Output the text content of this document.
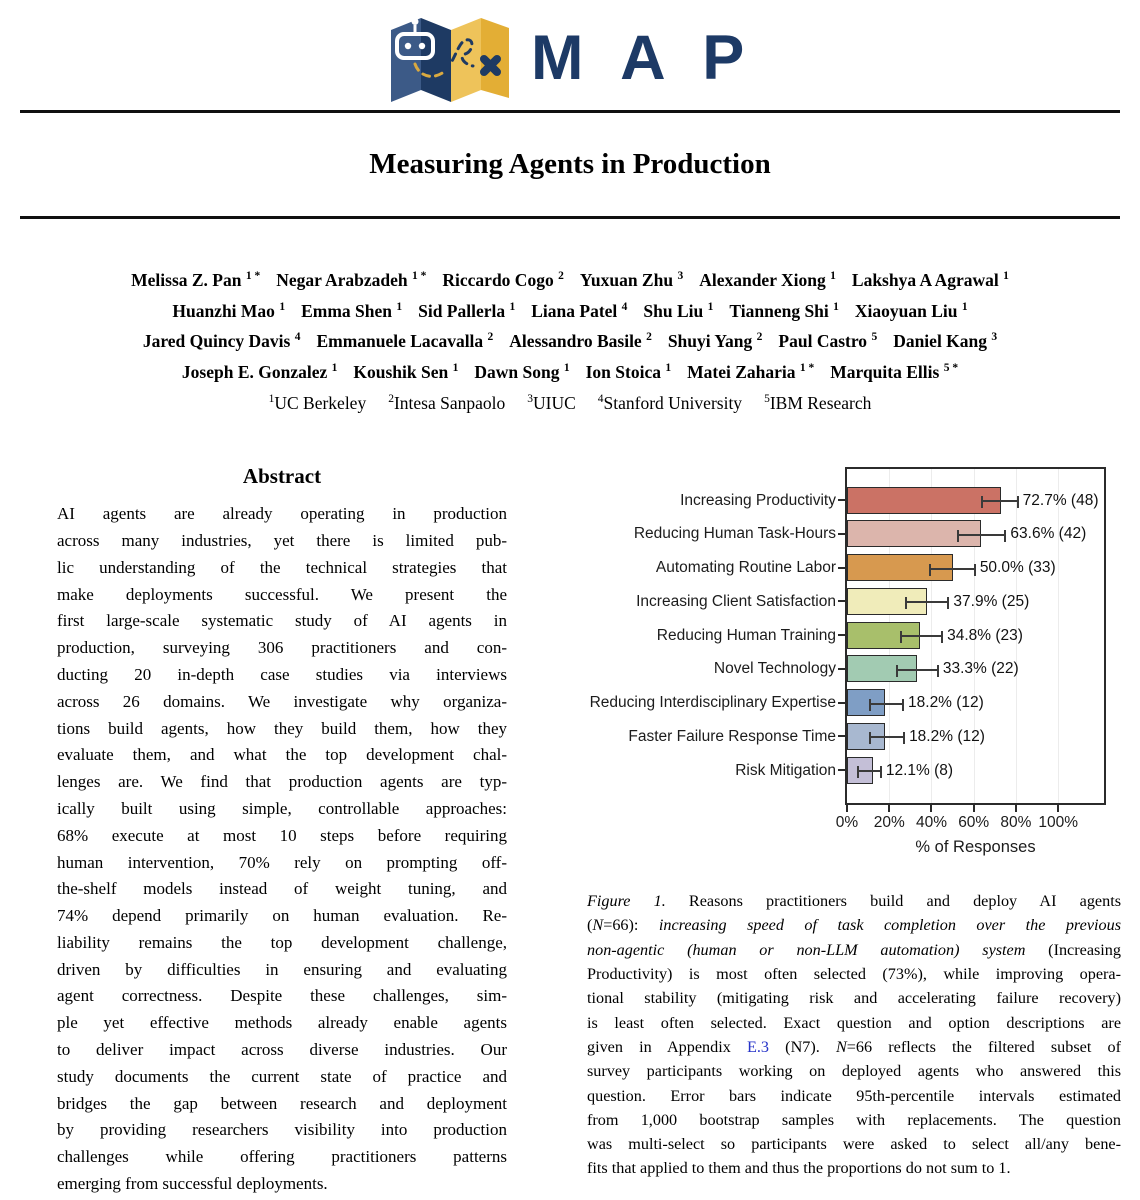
M A P
Measuring Agents in Production
Melissa Z. Pan $^{1 *}$ Negar Arabzadeh $^{1 *}$ Riccardo Cogo $^2$ Yuxuan Zhu $^3$ Alexander Xiong $^1$ Lakshya A Agrawal $^1$
Huanzhi Mao $^1$ Emma Shen $^1$ Sid Pallerla $^1$ Liana Patel $^4$ Shu Liu $^1$ Tianneng Shi $^1$ Xiaoyuan Liu $^1$
Jared Quincy Davis $^4$ Emmanuele Lacavalla $^2$ Alessandro Basile $^2$ Shuyi Yang $^2$ Paul Castro $^5$ Daniel Kang $^3$
Joseph E. Gonzalez $^1$ Koushik Sen $^1$ Dawn Song $^1$ Ion Stoica $^1$ Matei Zaharia $^{1 *}$ Marquita Ellis $^{5 *}$
$^1$UC Berkeley $^2$Intesa Sanpaolo $^3$UIUC $^4$Stanford University $^5$IBM Research
Abstract
AI agents are already operating in production
across many industries, yet there is limited pub-
lic understanding of the technical strategies that
make deployments successful. We present the
first large-scale systematic study of AI agents in
production, surveying 306 practitioners and con-
ducting 20 in-depth case studies via interviews
across 26 domains. We investigate why organiza-
tions build agents, how they build them, how they
evaluate them, and what the top development chal-
lenges are. We find that production agents are typ-
ically built using simple, controllable approaches:
68% execute at most 10 steps before requiring
human intervention, 70% rely on prompting off-
the-shelf models instead of weight tuning, and
74% depend primarily on human evaluation. Re-
liability remains the top development challenge,
driven by difficulties in ensuring and evaluating
agent correctness. Despite these challenges, sim-
ple yet effective methods already enable agents
to deliver impact across diverse industries. Our
study documents the current state of practice and
bridges the gap between research and deployment
by providing researchers visibility into production
challenges while offering practitioners patterns
emerging from successful deployments.
Increasing Productivity
Reducing Human Task-Hours
Automating Routine Labor
Increasing Client Satisfaction
Reducing Human Training
Novel Technology
Reducing Interdisciplinary Expertise
Faster Failure Response Time
Risk Mitigation
72.7% (48)
63.6% (42)
50.0% (33)
37.9% (25)
34.8% (23)
33.3% (22)
18.2% (12)
18.2% (12)
12.1% (8)
% of Responses
0% 20% 40% 60% 80% 100%
Figure 1. Reasons practitioners build and deploy AI agents
(N=66): increasing speed of task completion over the previous
non-agentic (human or non-LLM automation) system (Increasing
Productivity) is most often selected (73%), while improving opera-
tional stability (mitigating risk and accelerating failure recovery)
is least often selected. Exact question and option descriptions are
given in Appendix E.3 (N7). N=66 reflects the filtered subset of
survey participants working on deployed agents who answered this
question. Error bars indicate 95th-percentile intervals estimated
from 1,000 bootstrap samples with replacements. The question
was multi-select so participants were asked to select all/any bene-
fits that applied to them and thus the proportions do not sum to 1.
